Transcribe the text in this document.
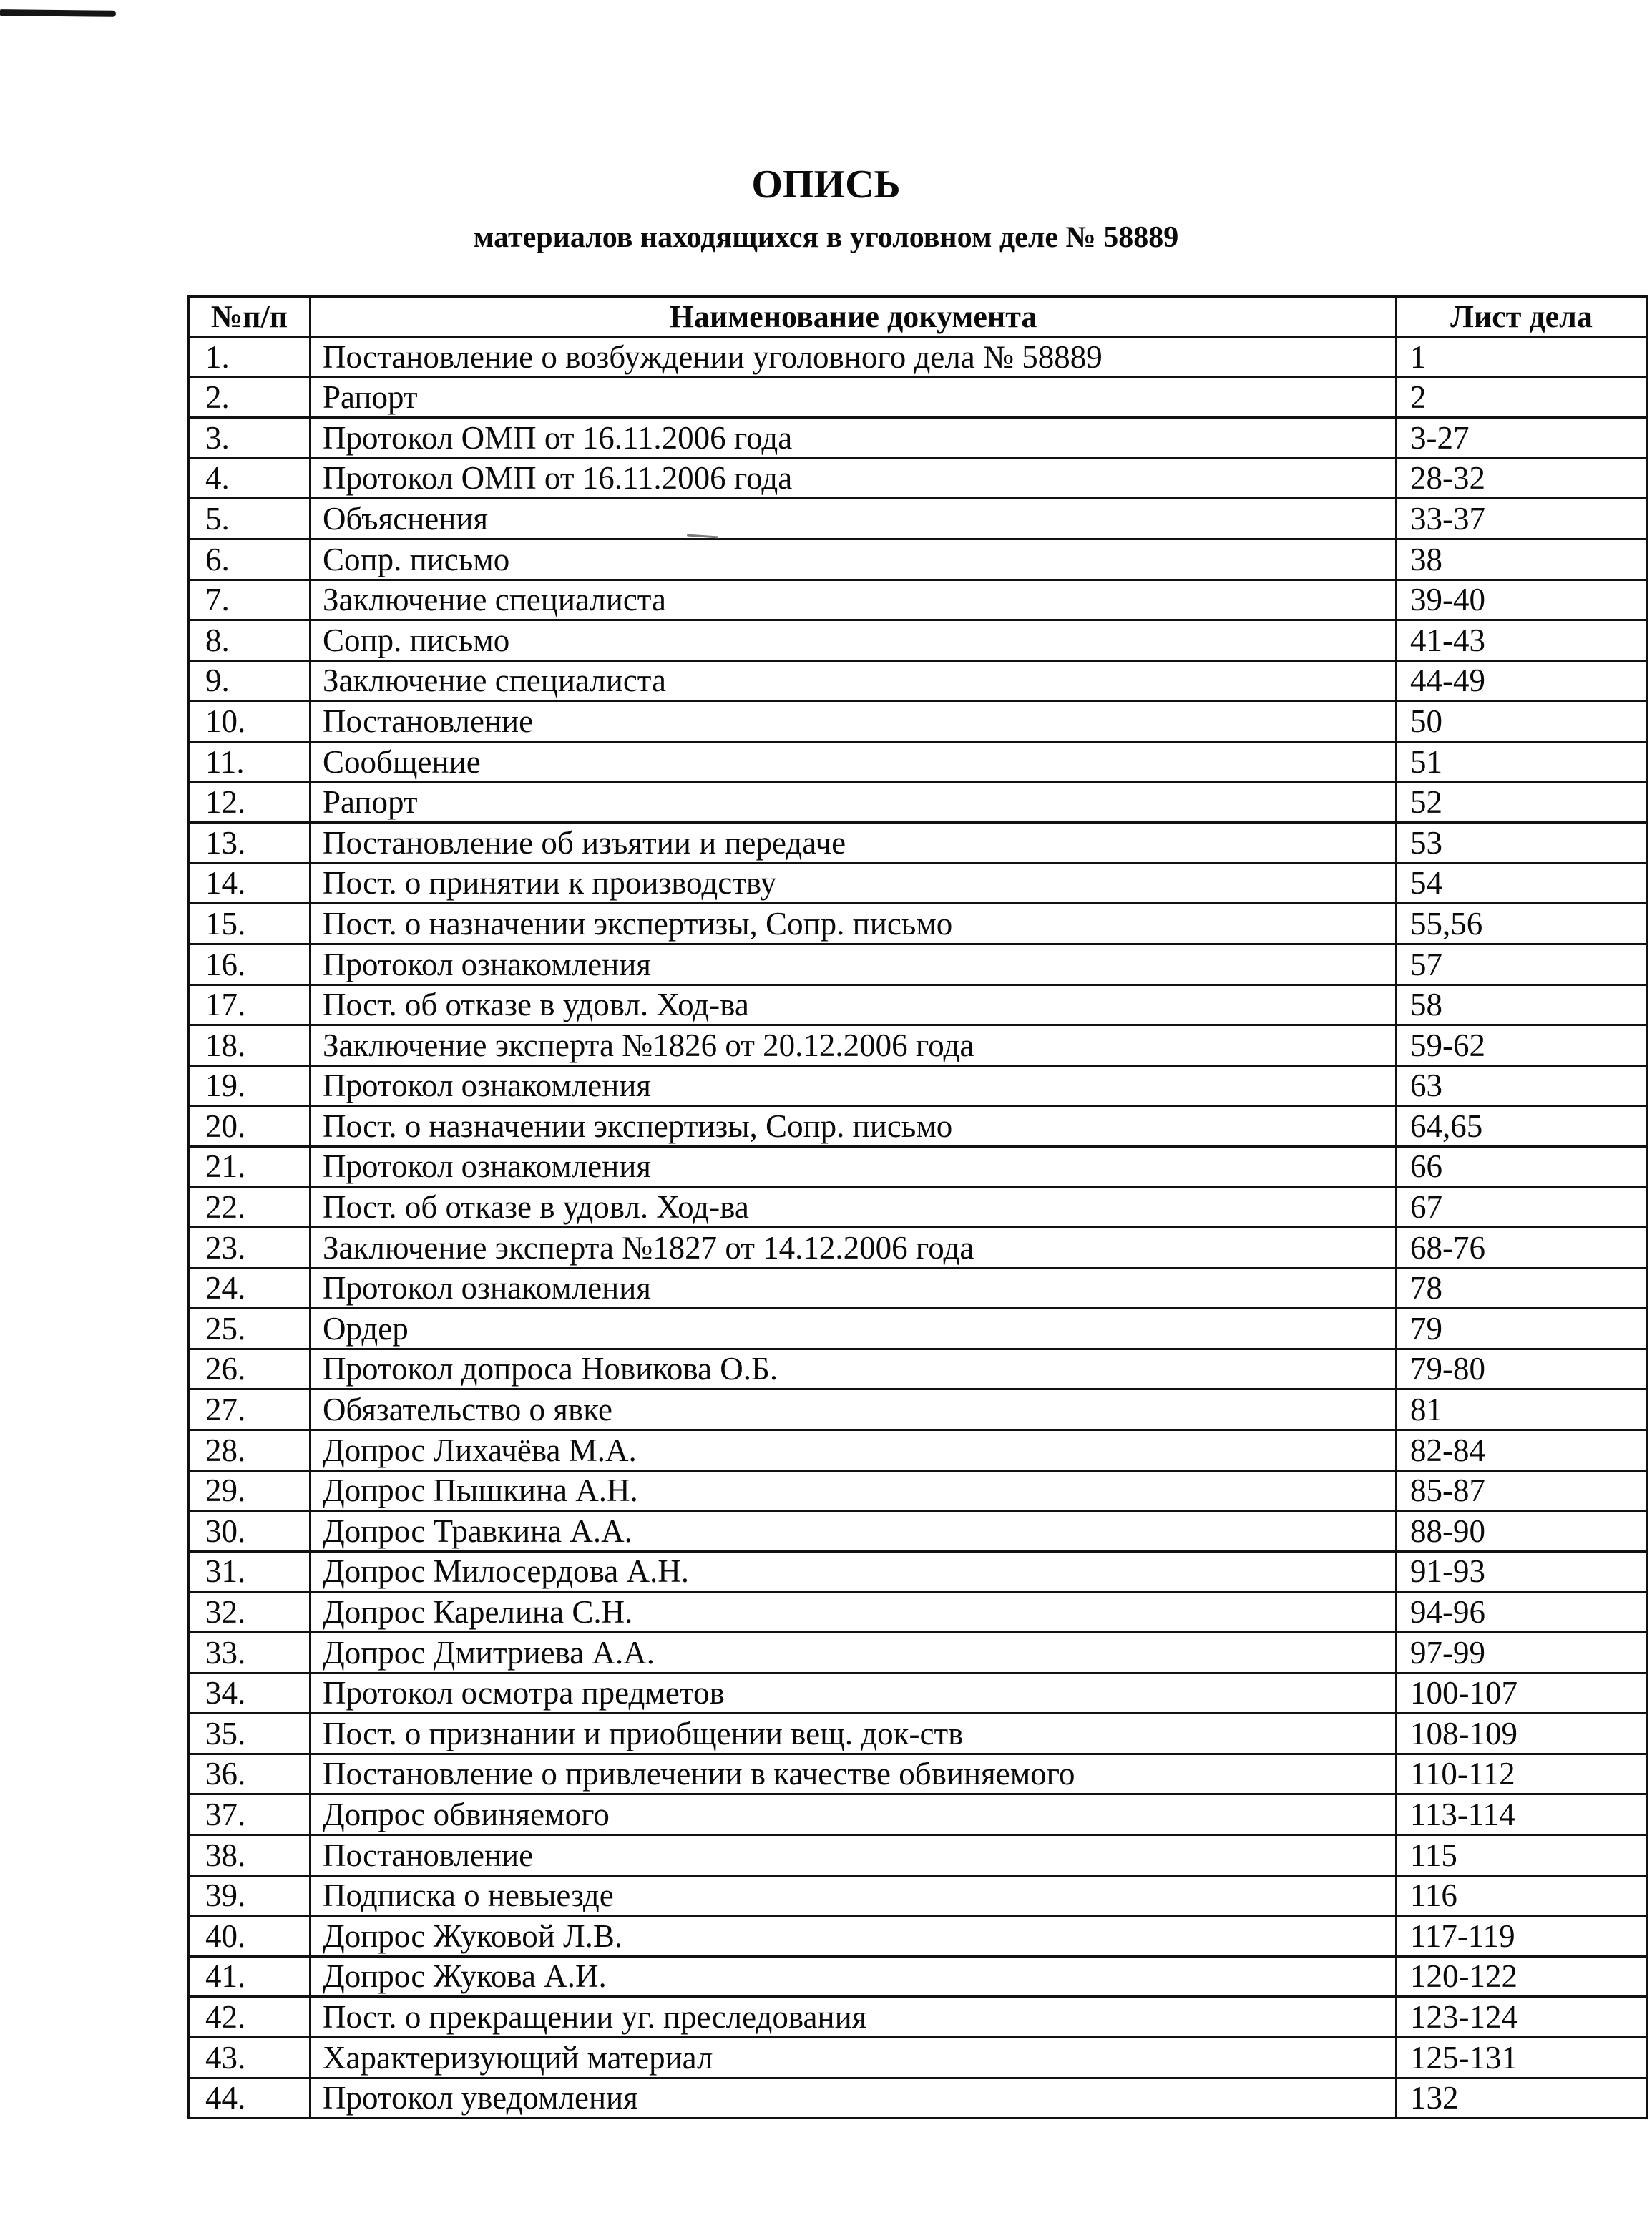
ОПИСЬ
материалов находящихся в уголовном деле № 58889
№п/п	Наименование документа	Лист дела
1.	Постановление о возбуждении уголовного дела № 58889	1
2.	Рапорт	2
3.	Протокол ОМП от 16.11.2006 года	3-27
4.	Протокол ОМП от 16.11.2006 года	28-32
5.	Объяснения	33-37
6.	Сопр. письмо	38
7.	Заключение специалиста	39-40
8.	Сопр. письмо	41-43
9.	Заключение специалиста	44-49
10.	Постановление	50
11.	Сообщение	51
12.	Рапорт	52
13.	Постановление об изъятии и передаче	53
14.	Пост. о принятии к производству	54
15.	Пост. о назначении экспертизы, Сопр. письмо	55,56
16.	Протокол ознакомления	57
17.	Пост. об отказе в удовл. Ход-ва	58
18.	Заключение эксперта №1826 от 20.12.2006 года	59-62
19.	Протокол ознакомления	63
20.	Пост. о назначении экспертизы, Сопр. письмо	64,65
21.	Протокол ознакомления	66
22.	Пост. об отказе в удовл. Ход-ва	67
23.	Заключение эксперта №1827 от 14.12.2006 года	68-76
24.	Протокол ознакомления	78
25.	Ордер	79
26.	Протокол допроса Новикова О.Б.	79-80
27.	Обязательство о явке	81
28.	Допрос Лихачёва М.А.	82-84
29.	Допрос Пышкина А.Н.	85-87
30.	Допрос Травкина А.А.	88-90
31.	Допрос Милосердова А.Н.	91-93
32.	Допрос Карелина С.Н.	94-96
33.	Допрос Дмитриева А.А.	97-99
34.	Протокол осмотра предметов	100-107
35.	Пост. о признании и приобщении вещ. док-ств	108-109
36.	Постановление о привлечении в качестве обвиняемого	110-112
37.	Допрос обвиняемого	113-114
38.	Постановление	115
39.	Подписка о невыезде	116
40.	Допрос Жуковой Л.В.	117-119
41.	Допрос Жукова А.И.	120-122
42.	Пост. о прекращении уг. преследования	123-124
43.	Характеризующий материал	125-131
44.	Протокол уведомления	132
